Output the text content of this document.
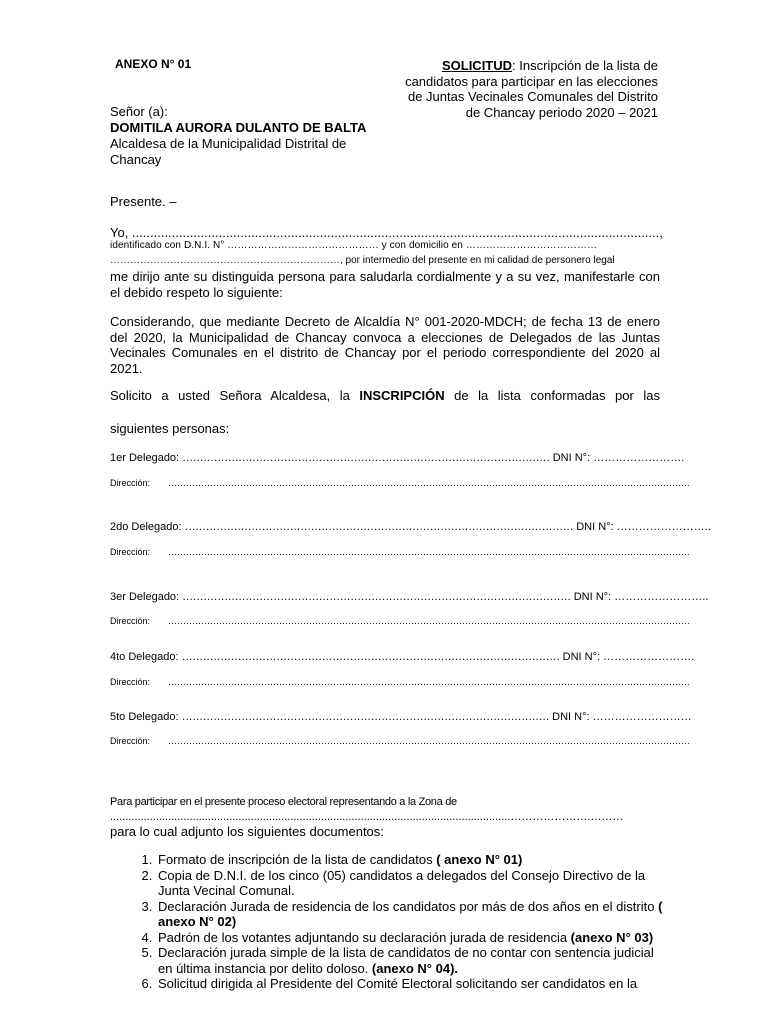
ANEXO N° 01	SOLICITUD: Inscripción de la lista de candidatos para participar en las elecciones de Juntas Vecinales Comunales del Distrito de Chancay periodo 2020 – 2021
Señor (a):
DOMITILA AURORA DULANTO DE BALTA
Alcaldesa de la Municipalidad Distrital de Chancay
Presente. –
Yo, ..................................................................................................................................................,
identificado con D.N.I. N° ……………………………………… y con domicilio en …………………………………
……………………………………………………………, por intermedio del presente en mi calidad de personero legal
me dirijo ante su distinguida persona para saludarla cordialmente y a su vez, manifestarle con el debido respeto lo siguiente:
Considerando, que mediante Decreto de Alcaldía N° 001-2020-MDCH; de fecha 13 de enero del 2020, la Municipalidad de Chancay convoca a elecciones de Delegados de las Juntas Vecinales Comunales en el distrito de Chancay por el periodo correspondiente del 2020 al 2021.
Solicito a usted Señora Alcaldesa, la INSCRIPCIÓN de la lista conformadas por las
siguientes personas:
1er Delegado: …………………………………………………………………………………………… DNI N°: …………………….
Dirección: …………………………………………………………………………………………………………………………………………………………
2do Delegado: ………………………………………………………………………………………………… DNI N°: ……………………..
Dirección: …………………………………………………………………………………………………………………………………………………………
3er Delegado: ………………………………………………………………………………………………… DNI N°: ……………………..
Dirección: …………………………………………………………………………………………………………………………………………………………
4to Delegado: ……………………………………………………………………………………………… DNI N°: …………………….
Dirección: …………………………………………………………………………………………………………………………………………………………
5to Delegado: …………………………………………………………………………………………… DNI N°: ………………………
Dirección: …………………………………………………………………………………………………………………………………………………………
Para participar en el presente proceso electoral representando a la Zona de
...................................................................................................................................………………….………
para lo cual adjunto los siguientes documentos:
1. Formato de inscripción de la lista de candidatos ( anexo N° 01)
2. Copia de D.N.I. de los cinco (05) candidatos a delegados del Consejo Directivo de la Junta Vecinal Comunal.
3. Declaración Jurada de residencia de los candidatos por más de dos años en el distrito ( anexo N° 02)
4. Padrón de los votantes adjuntando su declaración jurada de residencia (anexo N° 03)
5. Declaración jurada simple de la lista de candidatos de no contar con sentencia judicial en última instancia por delito doloso. (anexo N° 04).
6. Solicitud dirigida al Presidente del Comité Electoral solicitando ser candidatos en la
